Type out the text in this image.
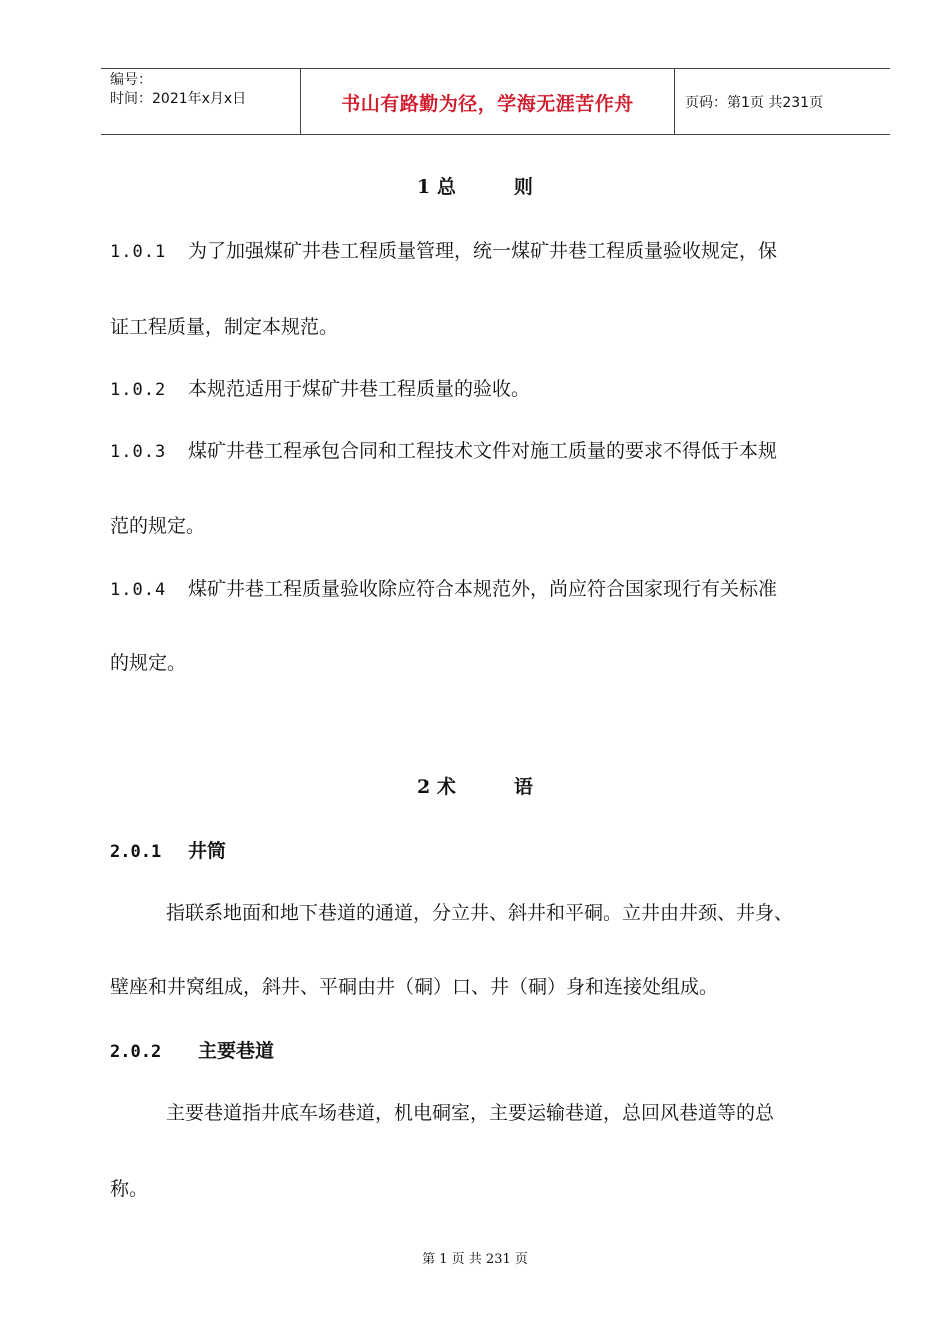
编号：
时间：2021年x月x日	书山有路勤为径，学海无涯苦作舟	页码：第1页 共231页
1 总	则
1.0.1 为了加强煤矿井巷工程质量管理，统一煤矿井巷工程质量验收规定，保
证工程质量，制定本规范。
1.0.2 本规范适用于煤矿井巷工程质量的验收。
1.0.3 煤矿井巷工程承包合同和工程技术文件对施工质量的要求不得低于本规
范的规定。
1.0.4 煤矿井巷工程质量验收除应符合本规范外，尚应符合国家现行有关标准
的规定。
2 术	语
2.0.1 井筒
指联系地面和地下巷道的通道，分立井、斜井和平硐。立井由井颈、井身、
壁座和井窝组成，斜井、平硐由井（硐）口、井（硐）身和连接处组成。
2.0.2 主要巷道
主要巷道指井底车场巷道，机电硐室，主要运输巷道，总回风巷道等的总
称。
第 1 页 共 231 页
